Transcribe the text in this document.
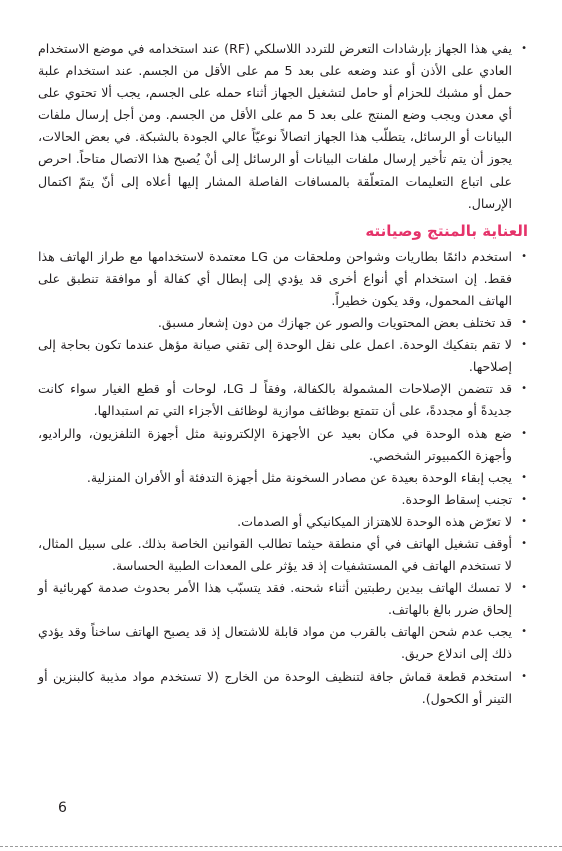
• يفي هذا الجهاز بإرشادات التعرض للتردد اللاسلكي (RF) عند استخدامه في موضع الاستخدام العادي على الأذن أو عند وضعه على بعد 5 مم على الأقل من الجسم. عند استخدام علبة حمل أو مشبك للحزام أو حامل لتشغيل الجهاز أثناء حمله على الجسم، يجب ألا تحتوي على أي معدن ويجب وضع المنتج على بعد 5 مم على الأقل من الجسم. ومن أجل إرسال ملفات البيانات أو الرسائل، يتطلّب هذا الجهاز اتصالاً نوعيّاً عالي الجودة بالشبكة. في بعض الحالات، يجوز أن يتم تأخير إرسال ملفات البيانات أو الرسائل إلى أنْ يُصبح هذا الاتصال متاحاً. احرص على اتباع التعليمات المتعلّقة بالمسافات الفاصلة المشار إليها أعلاه إلى أنّ يتمّ اكتمال الإرسال.
العناية بالمنتج وصيانته
• استخدم دائمًا بطاريات وشواحن وملحقات من LG معتمدة لاستخدامها مع طراز الهاتف هذا فقط. إن استخدام أي أنواع أخرى قد يؤدي إلى إبطال أي كفالة أو موافقة تنطبق على الهاتف المحمول، وقد يكون خطيراً.
• قد تختلف بعض المحتويات والصور عن جهازك من دون إشعار مسبق.
• لا تقم بتفكيك الوحدة. اعمل على نقل الوحدة إلى تقني صيانة مؤهل عندما تكون بحاجة إلى إصلاحها.
• قد تتضمن الإصلاحات المشمولة بالكفالة، وفقاً لـ LG، لوحات أو قطع الغيار سواء كانت جديدةً أو مجددةً، على أن تتمتع بوظائف موازية لوظائف الأجزاء التي تم استبدالها.
• ضع هذه الوحدة في مكان بعيد عن الأجهزة الإلكترونية مثل أجهزة التلفزيون، والراديو، وأجهزة الكمبيوتر الشخصي.
• يجب إبقاء الوحدة بعيدة عن مصادر السخونة مثل أجهزة التدفئة أو الأفران المنزلية.
• تجنب إسقاط الوحدة.
• لا تعرّض هذه الوحدة للاهتزاز الميكانيكي أو الصدمات.
• أوقف تشغيل الهاتف في أي منطقة حيثما تطالب القوانين الخاصة بذلك. على سبيل المثال، لا تستخدم الهاتف في المستشفيات إذ قد يؤثر على المعدات الطبية الحساسة.
• لا تمسك الهاتف بيدين رطبتين أثناء شحنه. فقد يتسبّب هذا الأمر بحدوث صدمة كهربائية أو إلحاق ضرر بالغ بالهاتف.
• يجب عدم شحن الهاتف بالقرب من مواد قابلة للاشتعال إذ قد يصبح الهاتف ساخناً وقد يؤدي ذلك إلى اندلاع حريق.
• استخدم قطعة قماش جافة لتنظيف الوحدة من الخارج (لا تستخدم مواد مذيبة كالبنزين أو التينر أو الكحول).
6
